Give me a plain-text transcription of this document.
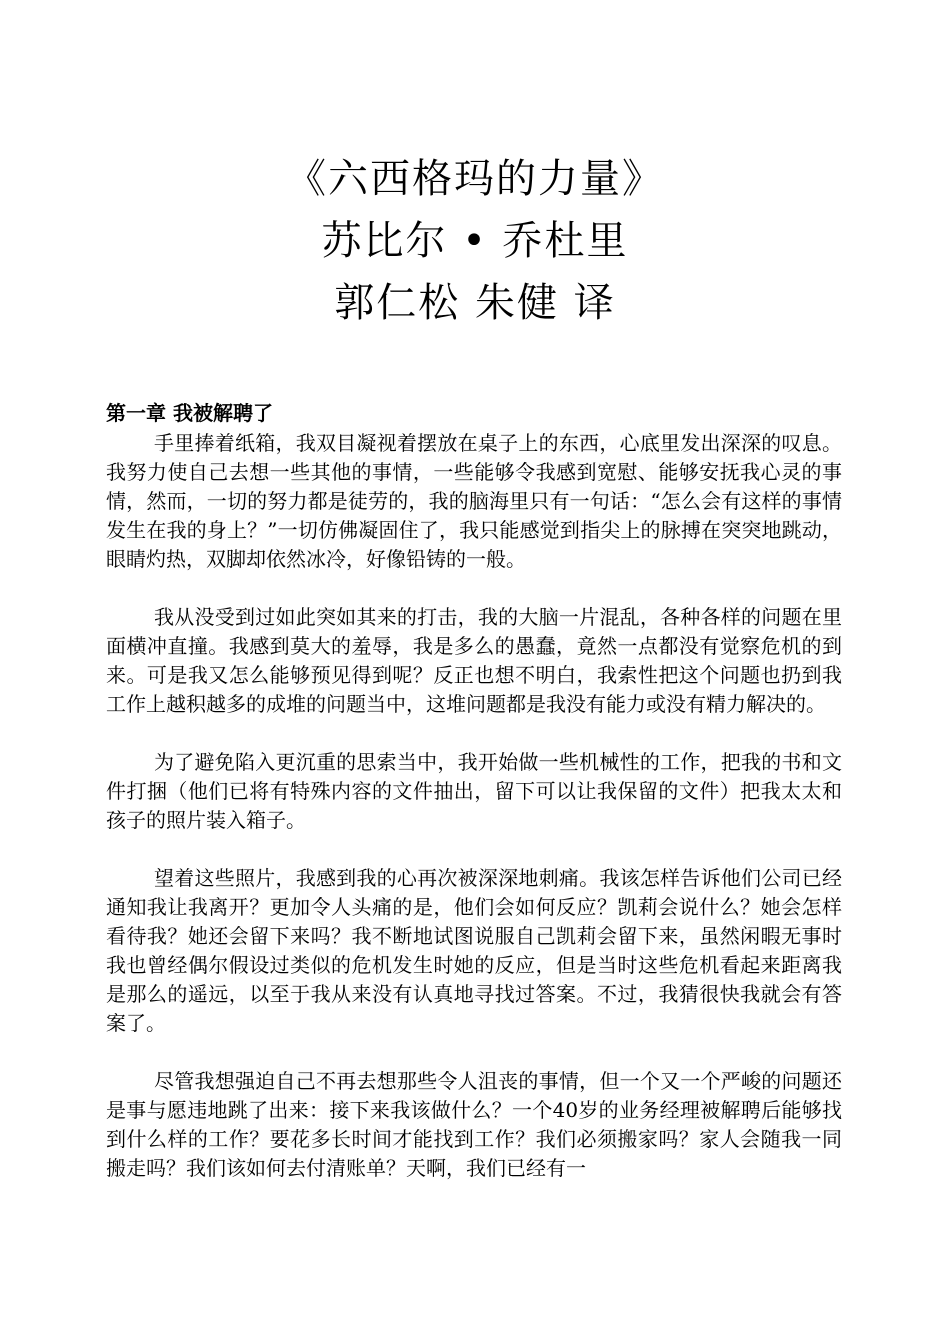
《六西格玛的力量》
苏比尔 • 乔杜里
郭仁松 朱健 译

第一章 我被解聘了

手里捧着纸箱，我双目凝视着摆放在桌子上的东西，心底里发出深深的叹息。我努力使自己去想一些其他的事情，一些能够令我感到宽慰、能够安抚我心灵的事情，然而，一切的努力都是徒劳的，我的脑海里只有一句话：“怎么会有这样的事情发生在我的身上？”一切仿佛凝固住了，我只能感觉到指尖上的脉搏在突突地跳动，眼睛灼热，双脚却依然冰冷，好像铅铸的一般。

我从没受到过如此突如其来的打击，我的大脑一片混乱，各种各样的问题在里面横冲直撞。我感到莫大的羞辱，我是多么的愚蠢，竟然一点都没有觉察危机的到来。可是我又怎么能够预见得到呢？反正也想不明白，我索性把这个问题也扔到我工作上越积越多的成堆的问题当中，这堆问题都是我没有能力或没有精力解决的。

为了避免陷入更沉重的思索当中，我开始做一些机械性的工作，把我的书和文件打捆（他们已将有特殊内容的文件抽出，留下可以让我保留的文件）把我太太和孩子的照片装入箱子。

望着这些照片，我感到我的心再次被深深地刺痛。我该怎样告诉他们公司已经通知我让我离开？更加令人头痛的是，他们会如何反应？凯莉会说什么？她会怎样看待我？她还会留下来吗？我不断地试图说服自己凯莉会留下来，虽然闲暇无事时我也曾经偶尔假设过类似的危机发生时她的反应，但是当时这些危机看起来距离我是那么的遥远，以至于我从来没有认真地寻找过答案。不过，我猜很快我就会有答案了。

尽管我想强迫自己不再去想那些令人沮丧的事情，但一个又一个严峻的问题还是事与愿违地跳了出来：接下来我该做什么？一个40岁的业务经理被解聘后能够找到什么样的工作？要花多长时间才能找到工作？我们必须搬家吗？家人会随我一同搬走吗？我们该如何去付清账单？天啊，我们已经有一
